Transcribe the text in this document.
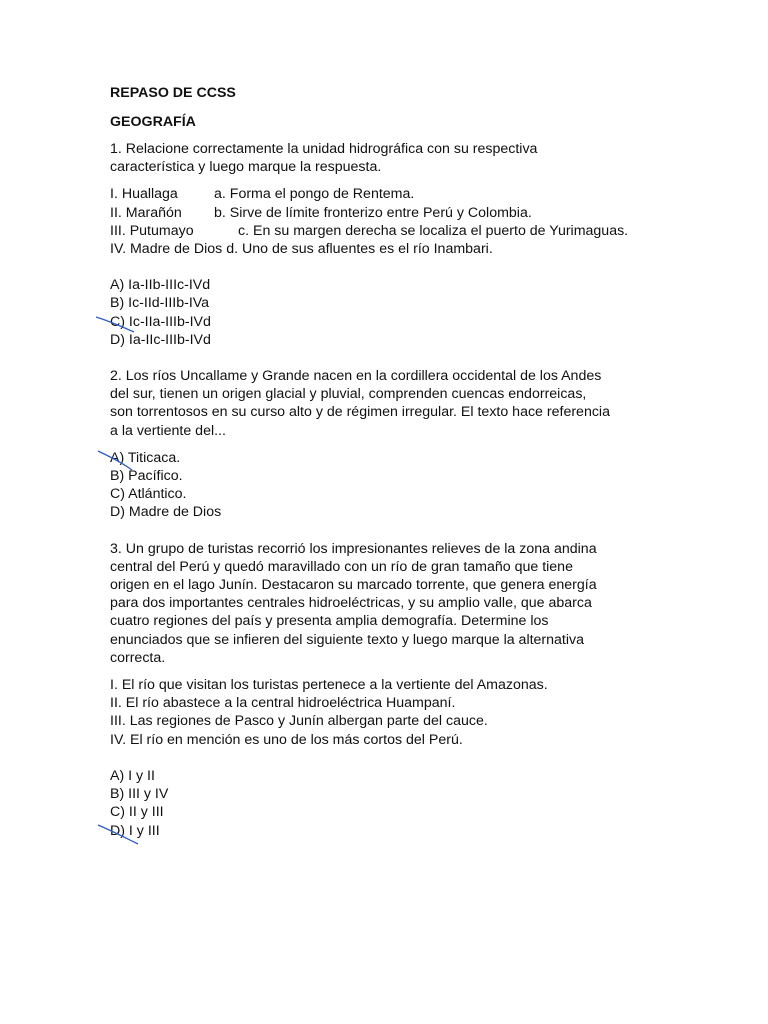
REPASO DE CCSS
GEOGRAFÍA
1. Relacione correctamente la unidad hidrográfica con su respectiva
característica y luego marque la respuesta.
I. Huallaga	a. Forma el pongo de Rentema.
II. Marañón b. Sirve de límite fronterizo entre Perú y Colombia.
III. Putumayo	c. En su margen derecha se localiza el puerto de Yurimaguas.
IV. Madre de Dios d. Uno de sus afluentes es el río Inambari.
A) Ia-IIb-IIIc-IVd
B) Ic-IId-IIIb-IVa
C) Ic-IIa-IIIb-IVd
D) Ia-IIc-IIIb-IVd
2. Los ríos Uncallame y Grande nacen en la cordillera occidental de los Andes
del sur, tienen un origen glacial y pluvial, comprenden cuencas endorreicas,
son torrentosos en su curso alto y de régimen irregular. El texto hace referencia
a la vertiente del...
A) Titicaca.
B) Pacífico.
C) Atlántico.
D) Madre de Dios
3. Un grupo de turistas recorrió los impresionantes relieves de la zona andina
central del Perú y quedó maravillado con un río de gran tamaño que tiene
origen en el lago Junín. Destacaron su marcado torrente, que genera energía
para dos importantes centrales hidroeléctricas, y su amplio valle, que abarca
cuatro regiones del país y presenta amplia demografía. Determine los
enunciados que se infieren del siguiente texto y luego marque la alternativa
correcta.
I. El río que visitan los turistas pertenece a la vertiente del Amazonas.
II. El río abastece a la central hidroeléctrica Huampaní.
III. Las regiones de Pasco y Junín albergan parte del cauce.
IV. El río en mención es uno de los más cortos del Perú.
A) I y II
B) III y IV
C) II y III
D) I y III
